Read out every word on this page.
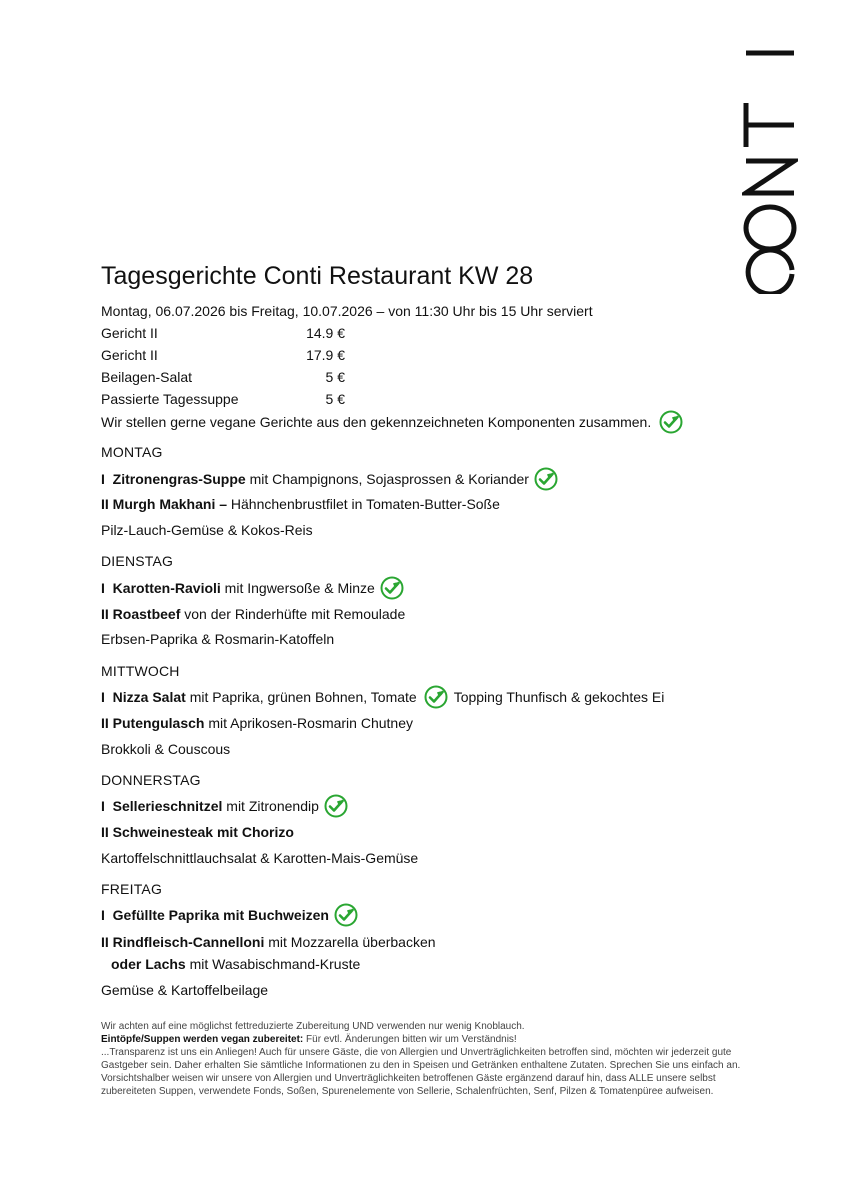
Tagesgerichte Conti Restaurant KW 28
Montag, 06.07.2026 bis Freitag, 10.07.2026 – von 11:30 Uhr bis 15 Uhr serviert
Gericht II	14.9 €
Gericht II	17.9 €
Beilagen-Salat	5 €
Passierte Tagessuppe	5 €
Wir stellen gerne vegane Gerichte aus den gekennzeichneten Komponenten zusammen.
MONTAG
I  Zitronengras-Suppe mit Champignons, Sojasprossen & Koriander
II Murgh Makhani – Hähnchenbrustfilet in Tomaten-Butter-Soße
Pilz-Lauch-Gemüse & Kokos-Reis
DIENSTAG
I  Karotten-Ravioli mit Ingwersoße & Minze
II Roastbeef von der Rinderhüfte mit Remoulade
Erbsen-Paprika & Rosmarin-Katoffeln
MITTWOCH
I  Nizza Salat mit Paprika, grünen Bohnen, Tomate	Topping Thunfisch & gekochtes Ei
II Putengulasch mit Aprikosen-Rosmarin Chutney
Brokkoli & Couscous
DONNERSTAG
I  Sellerieschnitzel mit Zitronendip
II Schweinesteak mit Chorizo
Kartoffelschnittlauchsalat & Karotten-Mais-Gemüse
FREITAG
I  Gefüllte Paprika mit Buchweizen
II Rindfleisch-Cannelloni mit Mozzarella überbacken
oder Lachs mit Wasabischmand-Kruste
Gemüse & Kartoffelbeilage
Wir achten auf eine möglichst fettreduzierte Zubereitung UND verwenden nur wenig Knoblauch.
Eintöpfe/Suppen werden vegan zubereitet: Für evtl. Änderungen bitten wir um Verständnis!
...Transparenz ist uns ein Anliegen! Auch für unsere Gäste, die von Allergien und Unverträglichkeiten betroffen sind, möchten wir jederzeit gute Gastgeber sein. Daher erhalten Sie sämtliche Informationen zu den in Speisen und Getränken enthaltene Zutaten. Sprechen Sie uns einfach an. Vorsichtshalber weisen wir unsere von Allergien und Unverträglichkeiten betroffenen Gäste ergänzend darauf hin, dass ALLE unsere selbst zubereiteten Suppen, verwendete Fonds, Soßen, Spurenelemente von Sellerie, Schalenfrüchten, Senf, Pilzen & Tomatenpüree aufweisen.
